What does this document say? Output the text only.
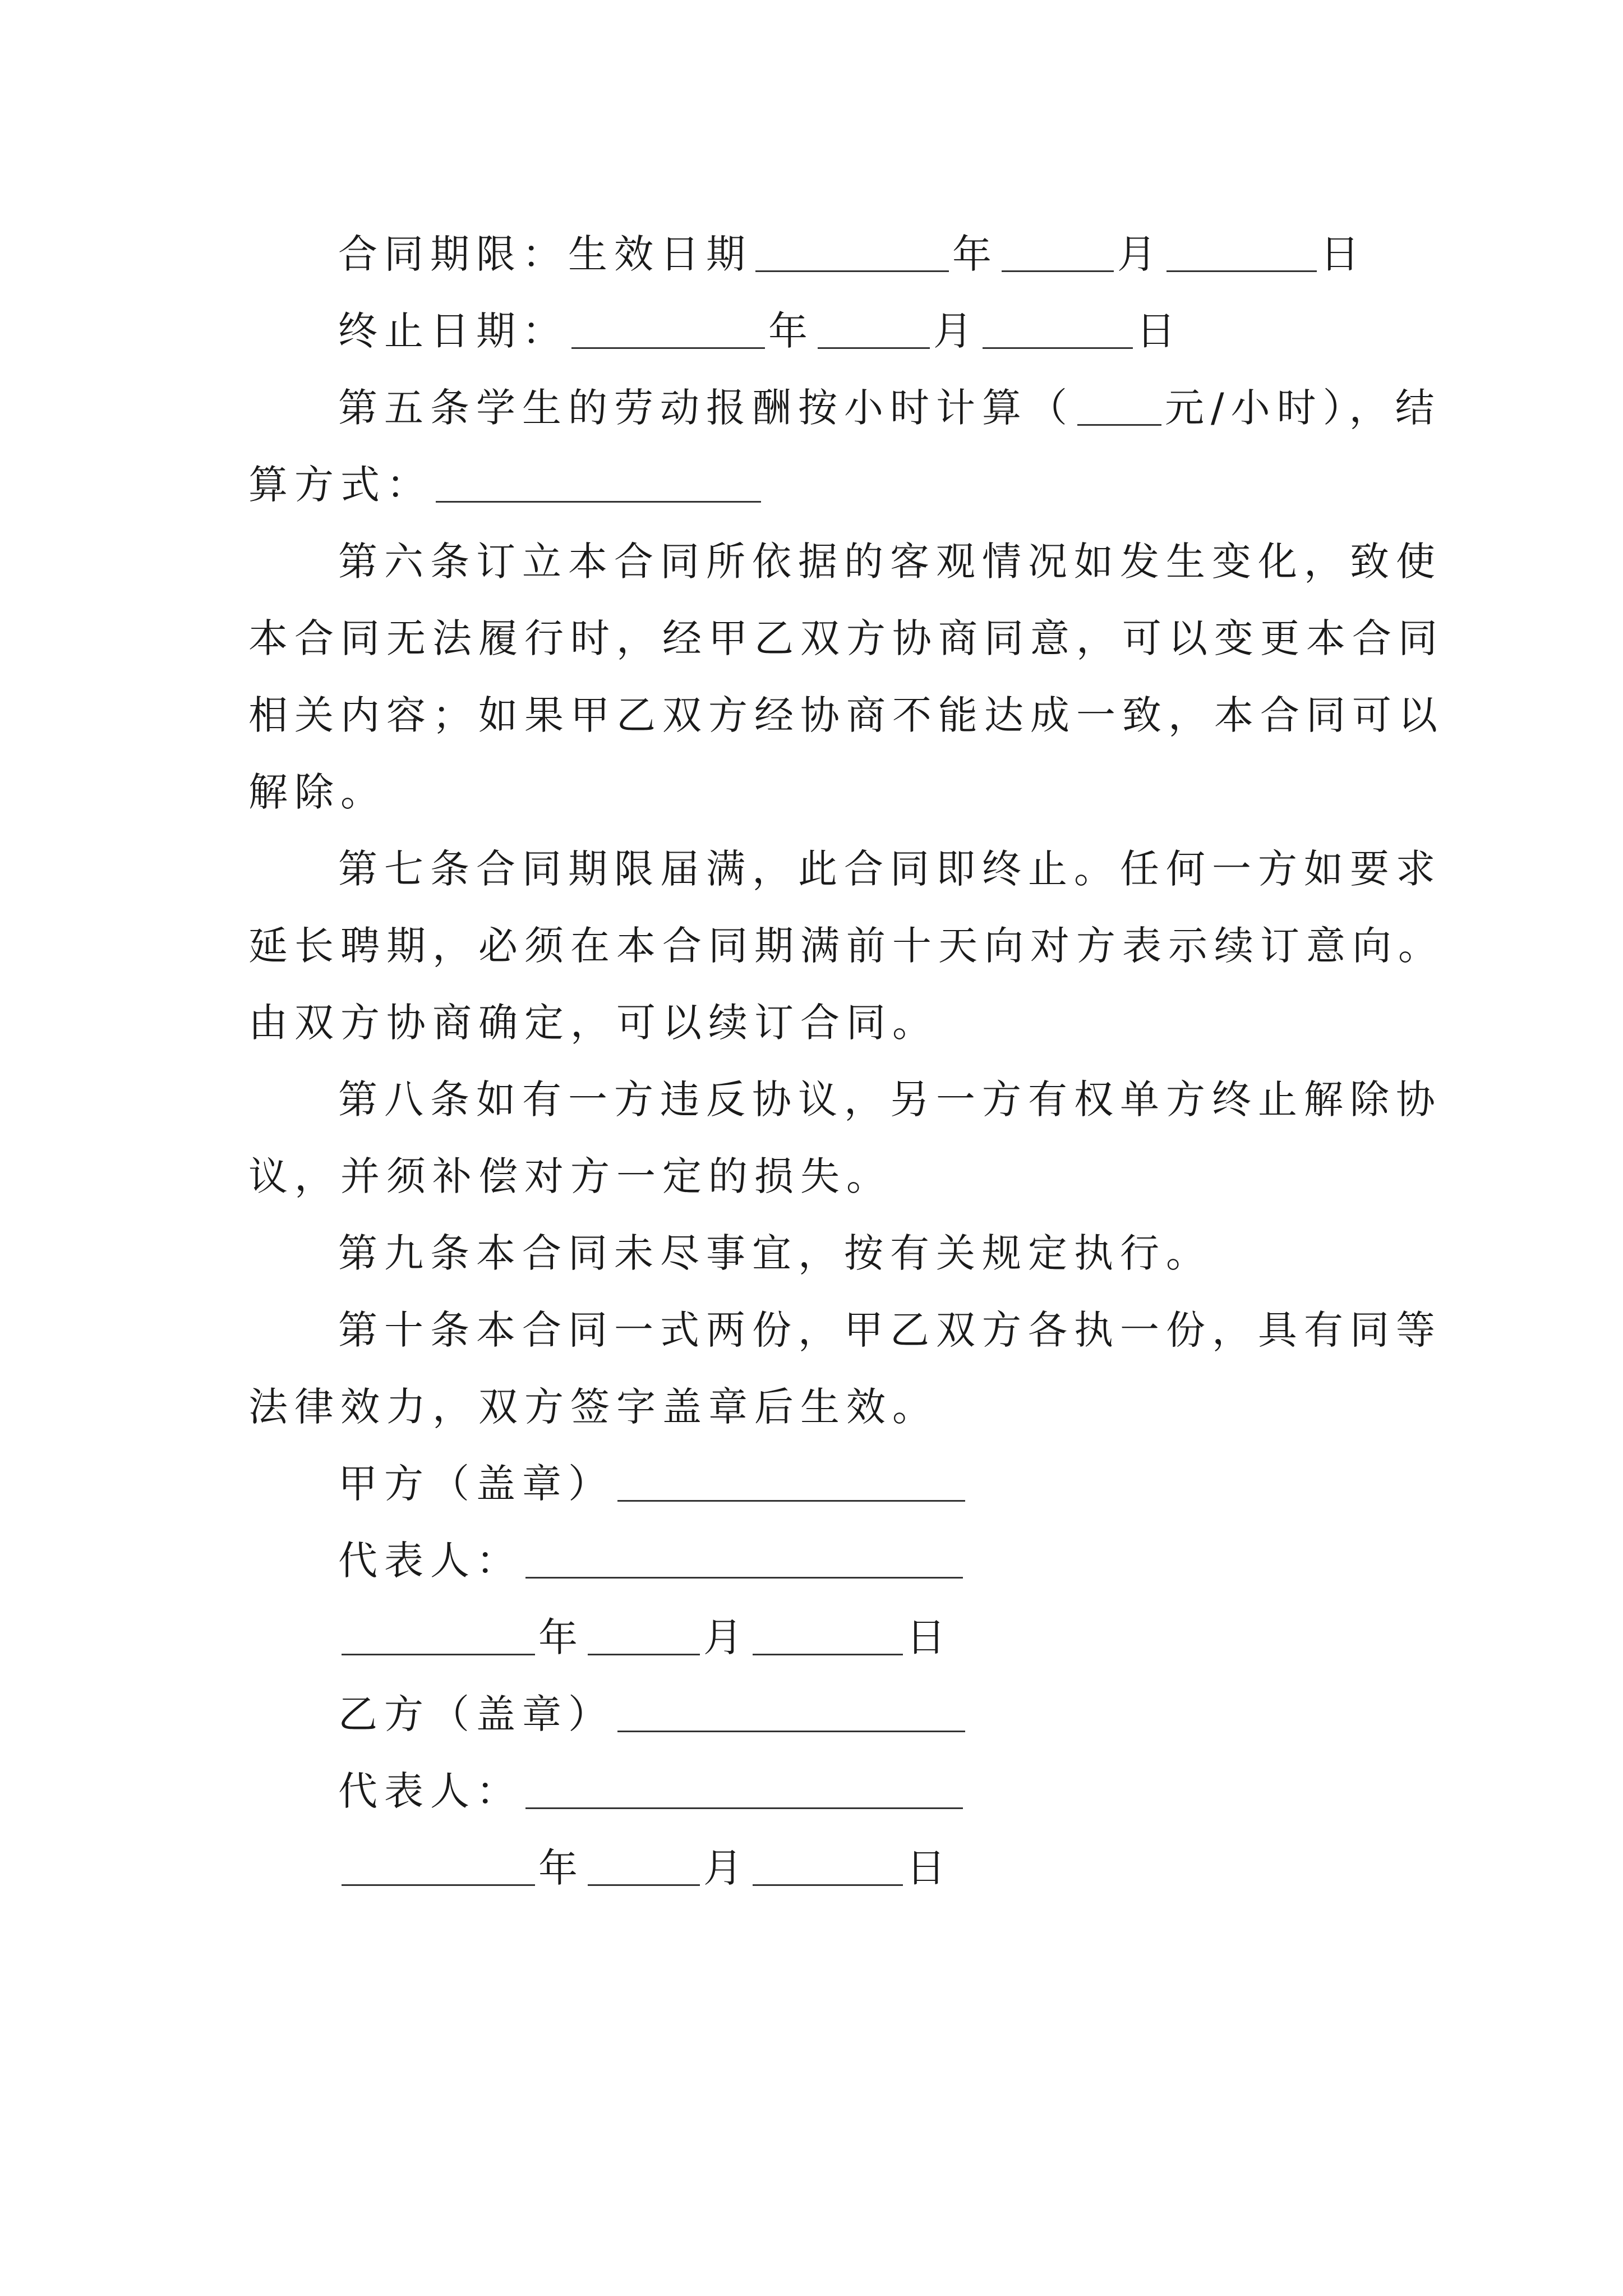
合同期限：生效日期	年	月	日
终止日期：	年	月	日
第五条学生的劳动报酬按小时计算（ 元/小时），结
算方式：
第六条订立本合同所依据的客观情况如发生变化，致使
本合同无法履行时，经甲乙双方协商同意，可以变更本合同
相关内容；如果甲乙双方经协商不能达成一致，本合同可以
解除。
第七条合同期限届满，此合同即终止。任何一方如要求
延长聘期，必须在本合同期满前十天向对方表示续订意向。
由双方协商确定，可以续订合同。
第八条如有一方违反协议，另一方有权单方终止解除协
议，并须补偿对方一定的损失。
第九条本合同未尽事宜，按有关规定执行。
第十条本合同一式两份，甲乙双方各执一份，具有同等
法律效力，双方签字盖章后生效。
甲方（盖章）
代表人：
年	月	日
乙方（盖章）
代表人：
年	月	日
